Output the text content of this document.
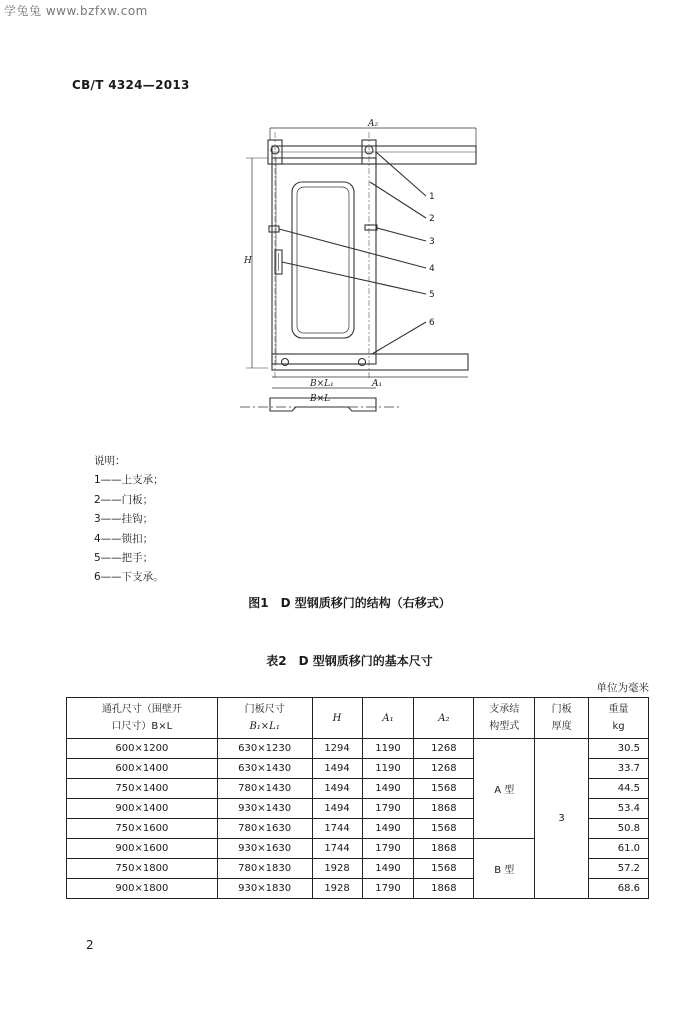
学兔兔 www.bzfxw.com
CB/T 4324—2013
A₂
H
B×L₁	A₁
B×L
1
2
3
4
5
6
说明：
1——上支承；
2——门板；
3——挂钩；
4——锁扣；
5——把手；
6——下支承。
图1　D 型钢质移门的结构（右移式）
表2　D 型钢质移门的基本尺寸
单位为毫米
通孔尺寸（围壁开
口尺寸）B×L	门板尺寸
B₁×L₁	H	A₁	A₂	支承结
构型式	门板
厚度	重量
kg
600×1200	630×1230	1294	1190	1268	A 型	3	30.5
600×1400	630×1430	1494	1190	1268			33.7
750×1400	780×1430	1494	1490	1568			44.5
900×1400	930×1430	1494	1790	1868			53.4
750×1600	780×1630	1744	1490	1568			50.8
900×1600	930×1630	1744	1790	1868	B 型		61.0
750×1800	780×1830	1928	1490	1568			57.2
900×1800	930×1830	1928	1790	1868			68.6
2
